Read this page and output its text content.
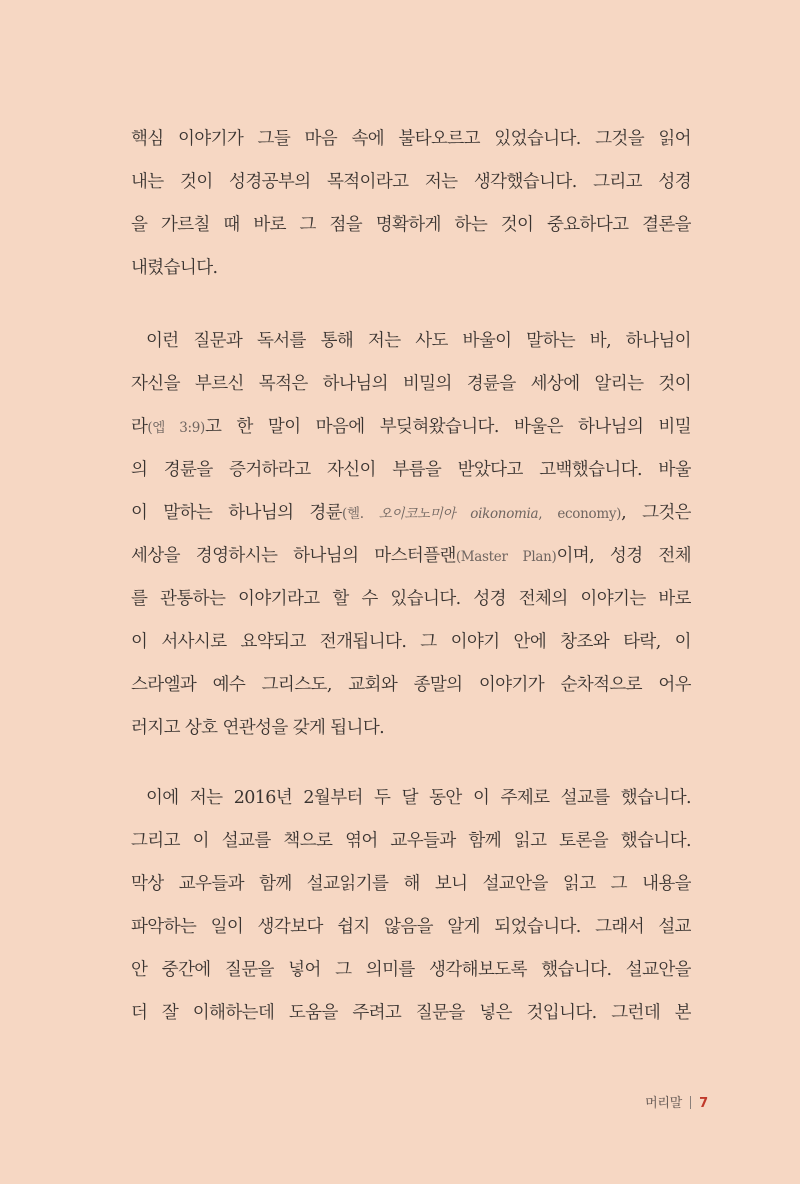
핵심 이야기가 그들 마음 속에 불타오르고 있었습니다. 그것을 읽어
내는 것이 성경공부의 목적이라고 저는 생각했습니다. 그리고 성경
을 가르칠 때 바로 그 점을 명확하게 하는 것이 중요하다고 결론을
내렸습니다.
이런 질문과 독서를 통해 저는 사도 바울이 말하는 바, 하나님이
자신을 부르신 목적은 하나님의 비밀의 경륜을 세상에 알리는 것이
라(엡 3:9)고 한 말이 마음에 부딪혀왔습니다. 바울은 하나님의 비밀
의 경륜을 증거하라고 자신이 부름을 받았다고 고백했습니다. 바울
이 말하는 하나님의 경륜(헬. 오이코노미아 oikonomia, economy), 그것은
세상을 경영하시는 하나님의 마스터플랜(Master Plan)이며, 성경 전체
를 관통하는 이야기라고 할 수 있습니다. 성경 전체의 이야기는 바로
이 서사시로 요약되고 전개됩니다. 그 이야기 안에 창조와 타락, 이
스라엘과 예수 그리스도, 교회와 종말의 이야기가 순차적으로 어우
러지고 상호 연관성을 갖게 됩니다.
이에 저는 2016년 2월부터 두 달 동안 이 주제로 설교를 했습니다.
그리고 이 설교를 책으로 엮어 교우들과 함께 읽고 토론을 했습니다.
막상 교우들과 함께 설교읽기를 해 보니 설교안을 읽고 그 내용을
파악하는 일이 생각보다 쉽지 않음을 알게 되었습니다. 그래서 설교
안 중간에 질문을 넣어 그 의미를 생각해보도록 했습니다. 설교안을
더 잘 이해하는데 도움을 주려고 질문을 넣은 것입니다. 그런데 본
머리말 7
